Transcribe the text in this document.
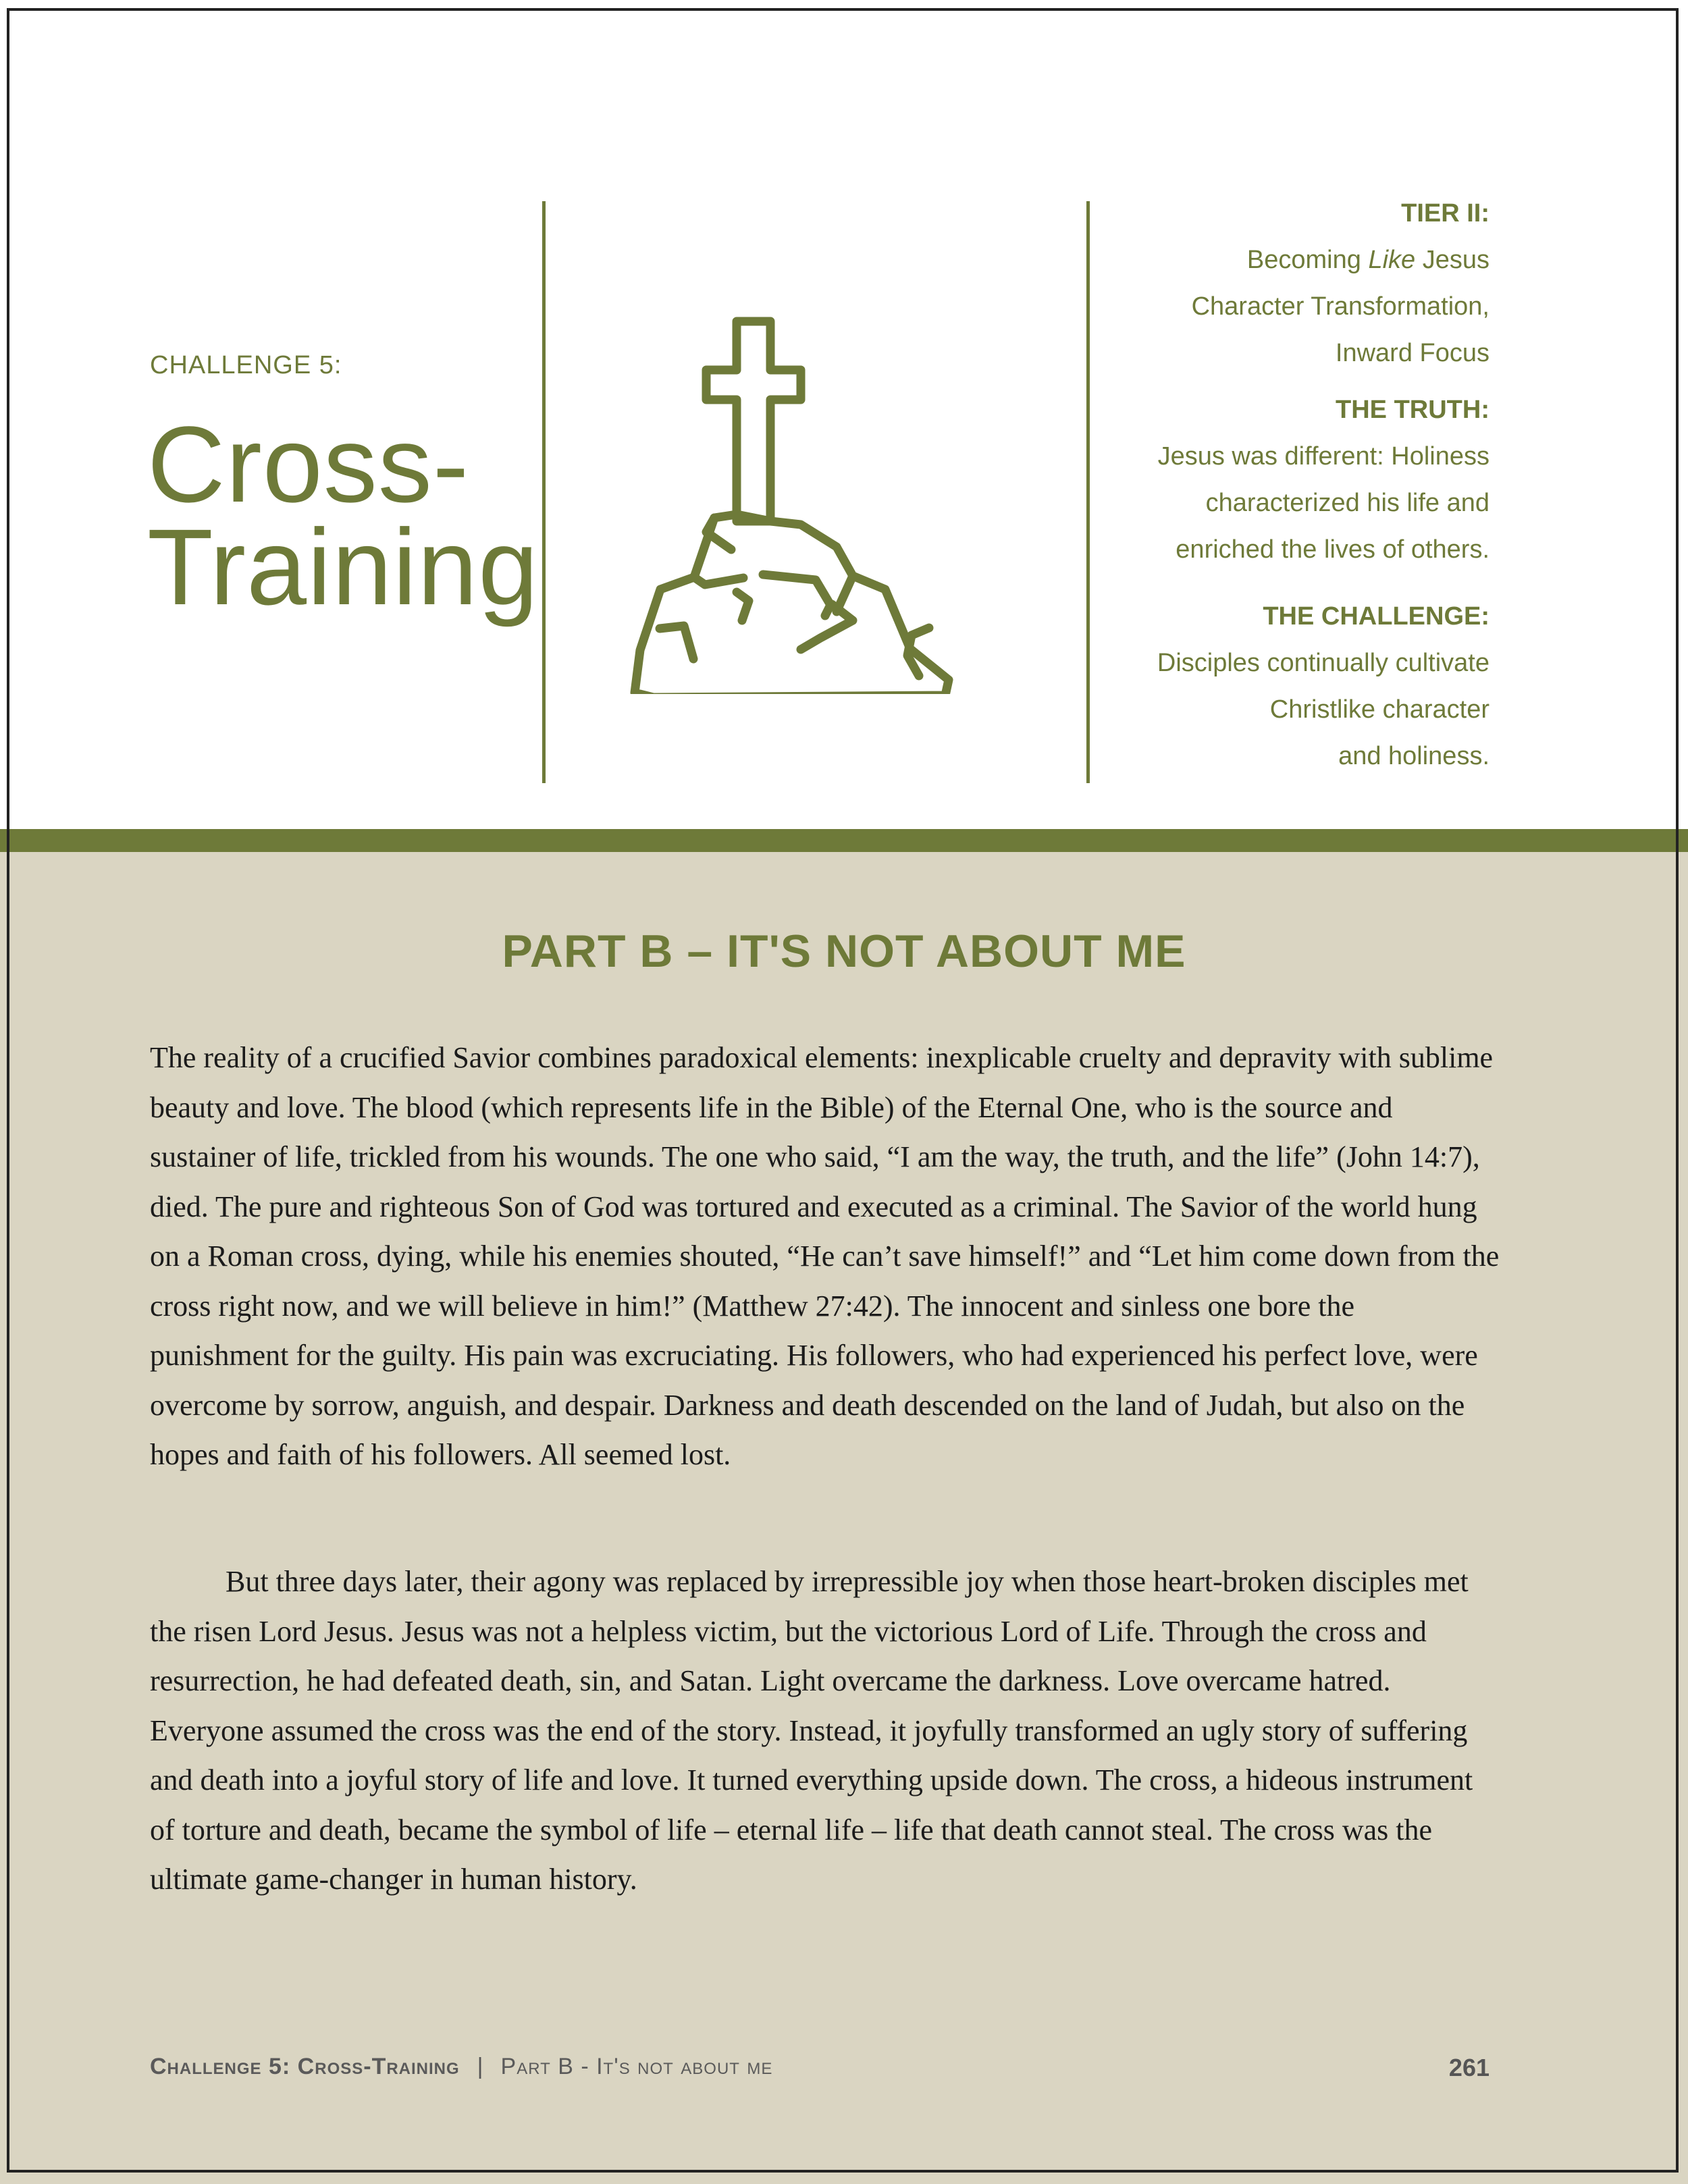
CHALLENGE 5:

Cross-
Training
TIER II:
Becoming Like Jesus
Character Transformation,
Inward Focus
THE TRUTH:
Jesus was different: Holiness
characterized his life and
enriched the lives of others.
THE CHALLENGE:
Disciples continually cultivate
Christlike character
and holiness.
PART B – IT'S NOT ABOUT ME

The reality of a crucified Savior combines paradoxical elements: inexplicable cruelty and depravity with sublime beauty and love. The blood (which represents life in the Bible) of the Eternal One, who is the source and sustainer of life, trickled from his wounds. The one who said, “I am the way, the truth, and the life” (John 14:7), died. The pure and righteous Son of God was tortured and executed as a criminal. The Savior of the world hung on a Roman cross, dying, while his enemies shouted, “He can’t save himself!” and “Let him come down from the cross right now, and we will believe in him!” (Matthew 27:42). The innocent and sinless one bore the punishment for the guilty. His pain was excruciating. His followers, who had experienced his perfect love, were overcome by sorrow, anguish, and despair. Darkness and death descended on the land of Judah, but also on the hopes and faith of his followers. All seemed lost.

But three days later, their agony was replaced by irrepressible joy when those heart-broken disciples met the risen Lord Jesus. Jesus was not a helpless victim, but the victorious Lord of Life. Through the cross and resurrection, he had defeated death, sin, and Satan. Light overcame the darkness. Love overcame hatred. Everyone assumed the cross was the end of the story. Instead, it joyfully transformed an ugly story of suffering and death into a joyful story of life and love. It turned everything upside down. The cross, a hideous instrument of torture and death, became the symbol of life – eternal life – life that death cannot steal. The cross was the ultimate game-changer in human history.

Challenge 5: Cross-Training | Part B - It's not about me	261
